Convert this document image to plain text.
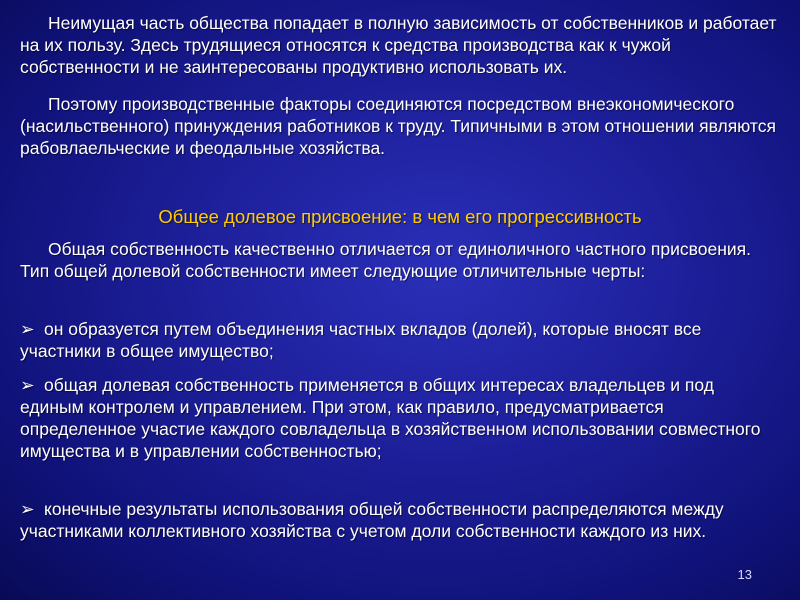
Неимущая часть общества попадает в полную зависимость от собственников и работает на их пользу. Здесь трудящиеся относятся к средства производства как к чужой собственности и не заинтересованы продуктивно использовать их.

Поэтому производственные факторы соединяются посредством внеэкономического (насильственного) принуждения работников к труду. Типичными в этом отношении являются рабовлаельческие и феодальные хозяйства.

Общее долевое присвоение: в чем его прогрессивность

Общая собственность качественно отличается от единоличного частного присвоения. Тип общей долевой собственности имеет следующие отличительные черты:

➢ он образуется путем объединения частных вкладов (долей), которые вносят все участники в общее имущество;

➢ общая долевая собственность применяется в общих интересах владельцев и под единым контролем и управлением. При этом, как правило, предусматривается определенное участие каждого совладельца в хозяйственном использовании совместного имущества и в управлении собственностью;

➢ конечные результаты использования общей собственности распределяются между участниками коллективного хозяйства с учетом доли собственности каждого из них.

13
